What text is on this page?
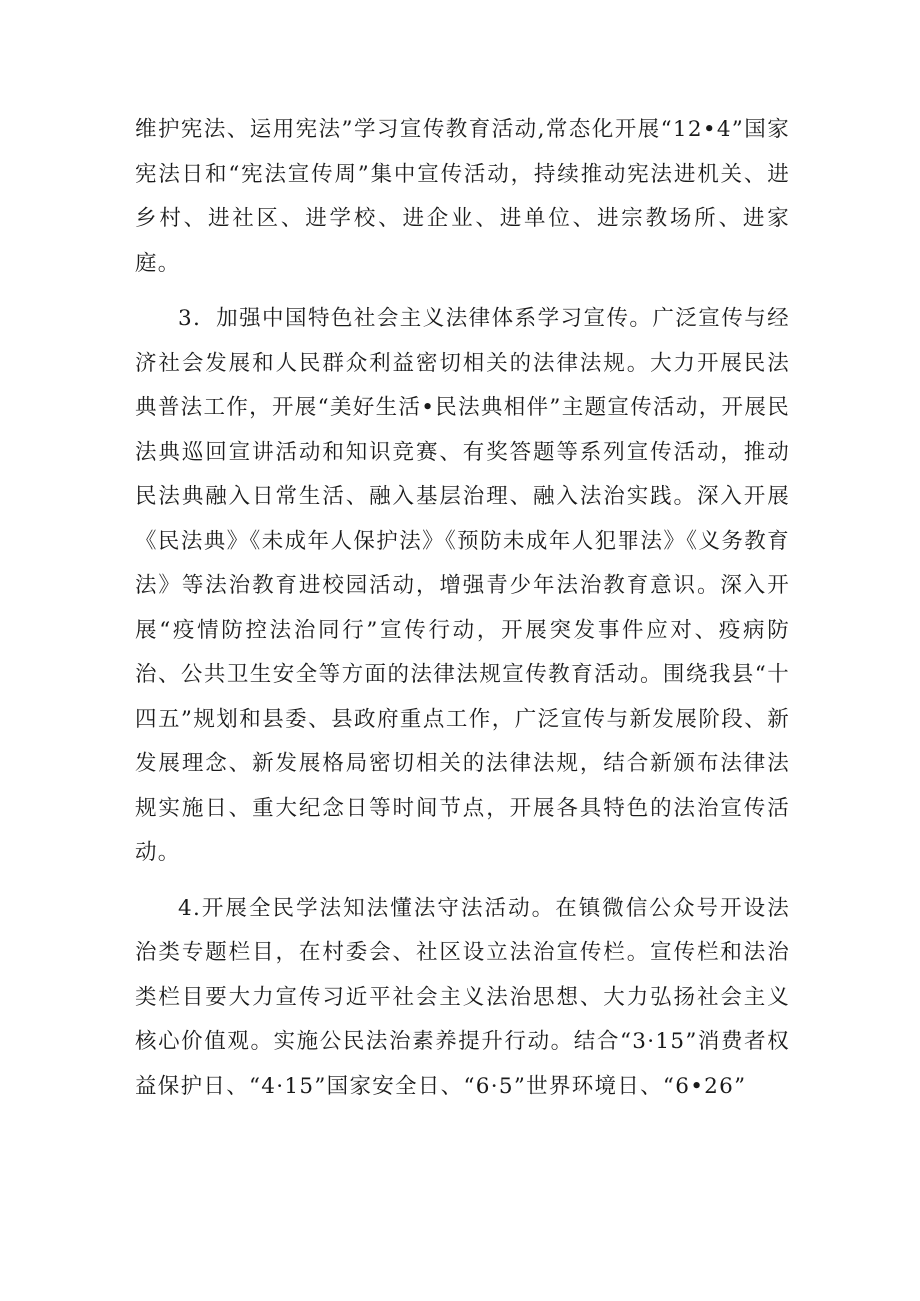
维护宪法、运用宪法”学习宣传教育活动,常态化开展“12•4”国家宪法日和“宪法宣传周”集中宣传活动，持续推动宪法进机关、进乡村、进社区、进学校、进企业、进单位、进宗教场所、进家庭。

3．加强中国特色社会主义法律体系学习宣传。广泛宣传与经济社会发展和人民群众利益密切相关的法律法规。大力开展民法典普法工作，开展“美好生活•民法典相伴”主题宣传活动，开展民法典巡回宣讲活动和知识竞赛、有奖答题等系列宣传活动，推动民法典融入日常生活、融入基层治理、融入法治实践。深入开展《民法典》《未成年人保护法》《预防未成年人犯罪法》《义务教育法》等法治教育进校园活动，增强青少年法治教育意识。深入开展“疫情防控法治同行”宣传行动，开展突发事件应对、疫病防治、公共卫生安全等方面的法律法规宣传教育活动。围绕我县“十四五”规划和县委、县政府重点工作，广泛宣传与新发展阶段、新发展理念、新发展格局密切相关的法律法规，结合新颁布法律法规实施日、重大纪念日等时间节点，开展各具特色的法治宣传活动。

4.开展全民学法知法懂法守法活动。在镇微信公众号开设法治类专题栏目，在村委会、社区设立法治宣传栏。宣传栏和法治类栏目要大力宣传习近平社会主义法治思想、大力弘扬社会主义核心价值观。实施公民法治素养提升行动。结合“3·15”消费者权益保护日、“4·15”国家安全日、“6·5”世界环境日、“6•26”
